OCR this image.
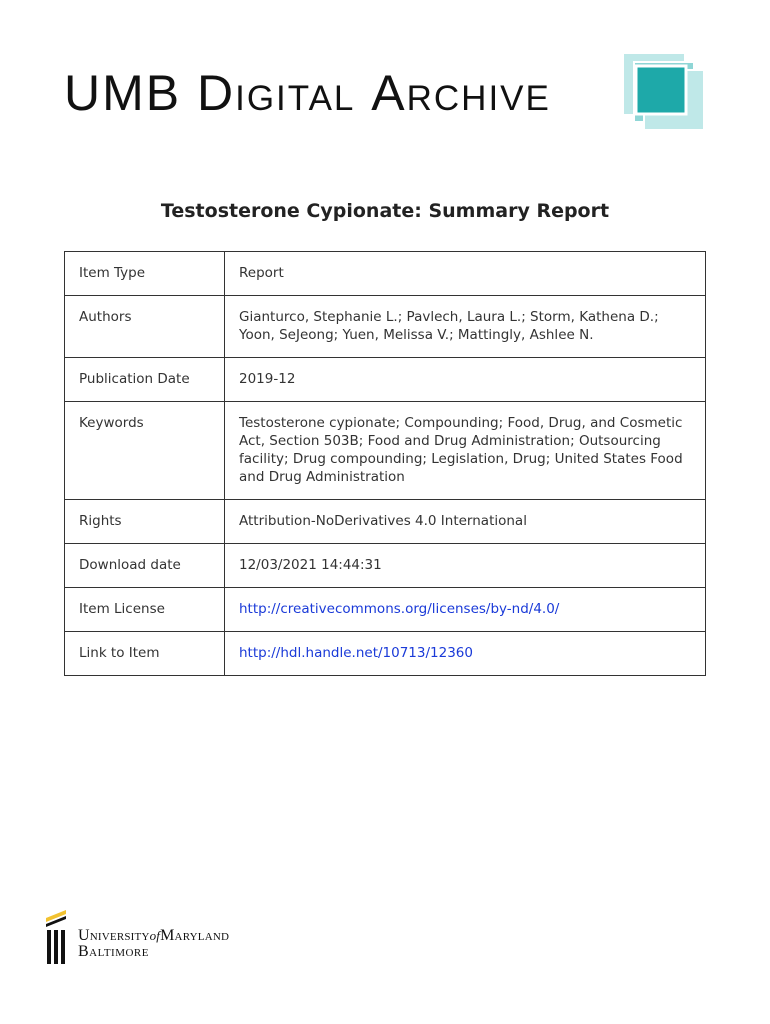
UMB Digital Archive
Testosterone Cypionate: Summary Report
Item Type	Report
Authors	Gianturco, Stephanie L.; Pavlech, Laura L.; Storm, Kathena D.; Yoon, SeJeong; Yuen, Melissa V.; Mattingly, Ashlee N.
Publication Date	2019-12
Keywords	Testosterone cypionate; Compounding; Food, Drug, and Cosmetic Act, Section 503B; Food and Drug Administration; Outsourcing facility; Drug compounding; Legislation, Drug; United States Food and Drug Administration
Rights	Attribution-NoDerivatives 4.0 International
Download date	12/03/2021 14:44:31
Item License	http://creativecommons.org/licenses/by-nd/4.0/
Link to Item	http://hdl.handle.net/10713/12360
UniversityofMaryland
Baltimore
